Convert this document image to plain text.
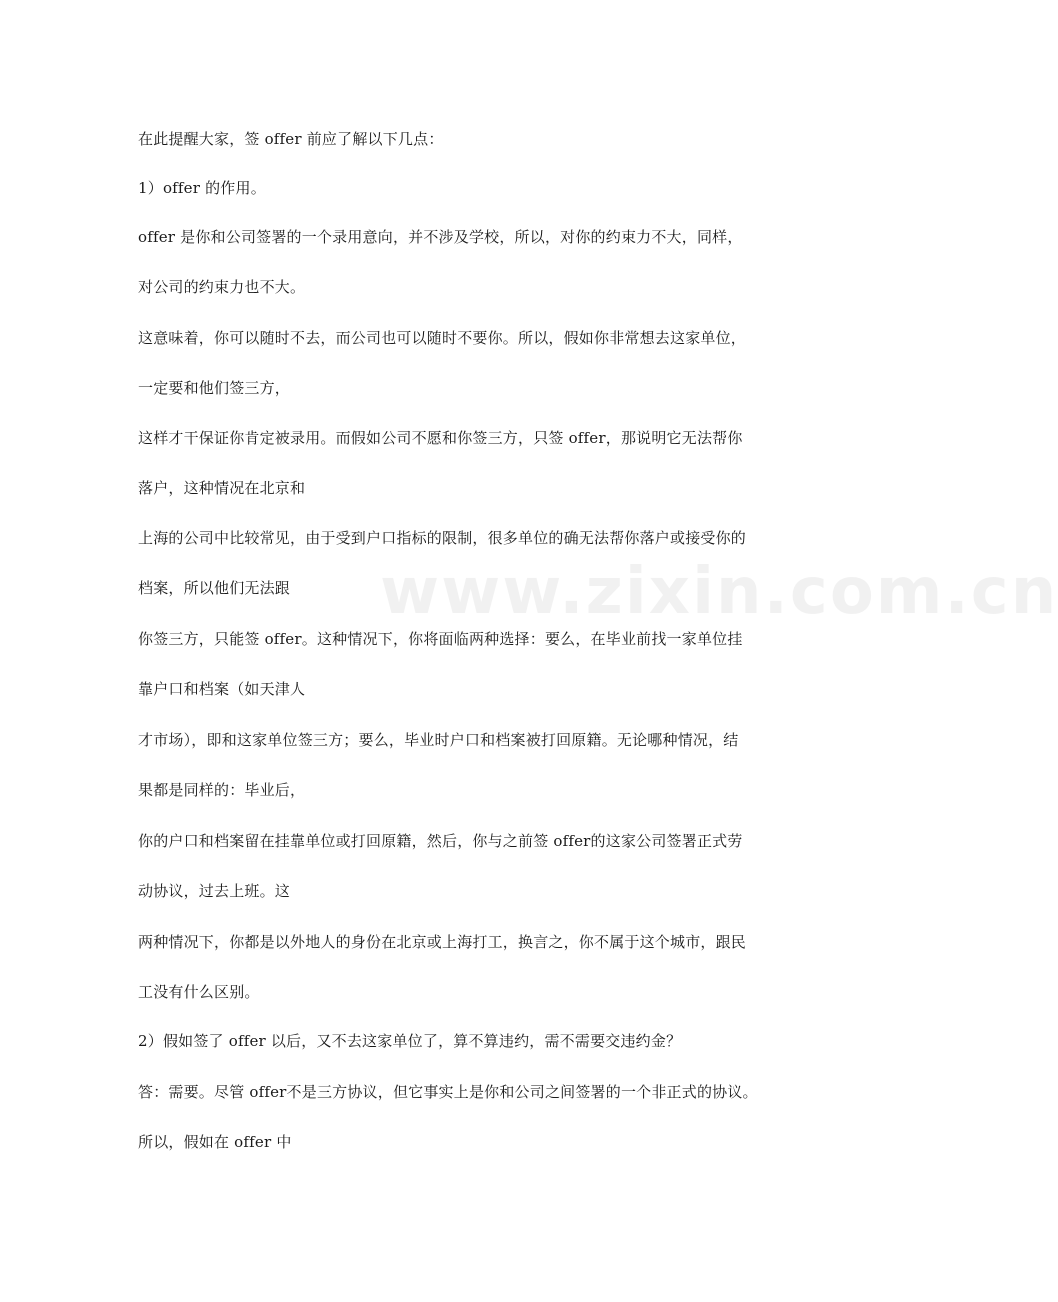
www.zixin.com.cn
在此提醒大家，签 offer 前应了解以下几点：
1）offer 的作用。
offer 是你和公司签署的一个录用意向，并不涉及学校，所以，对你的约束力不大，同样，
对公司的约束力也不大。
这意味着，你可以随时不去，而公司也可以随时不要你。所以，假如你非常想去这家单位，
一定要和他们签三方，
这样才干保证你肯定被录用。而假如公司不愿和你签三方，只签 offer，那说明它无法帮你
落户，这种情况在北京和
上海的公司中比较常见，由于受到户口指标的限制，很多单位的确无法帮你落户或接受你的
档案，所以他们无法跟
你签三方，只能签 offer。这种情况下，你将面临两种选择：要么，在毕业前找一家单位挂
靠户口和档案（如天津人
才市场），即和这家单位签三方；要么，毕业时户口和档案被打回原籍。无论哪种情况，结
果都是同样的：毕业后，
你的户口和档案留在挂靠单位或打回原籍，然后，你与之前签 offer的这家公司签署正式劳
动协议，过去上班。这
两种情况下，你都是以外地人的身份在北京或上海打工，换言之，你不属于这个城市，跟民
工没有什么区别。
2）假如签了 offer 以后，又不去这家单位了，算不算违约，需不需要交违约金？
答：需要。尽管 offer不是三方协议，但它事实上是你和公司之间签署的一个非正式的协议。
所以，假如在 offer 中
